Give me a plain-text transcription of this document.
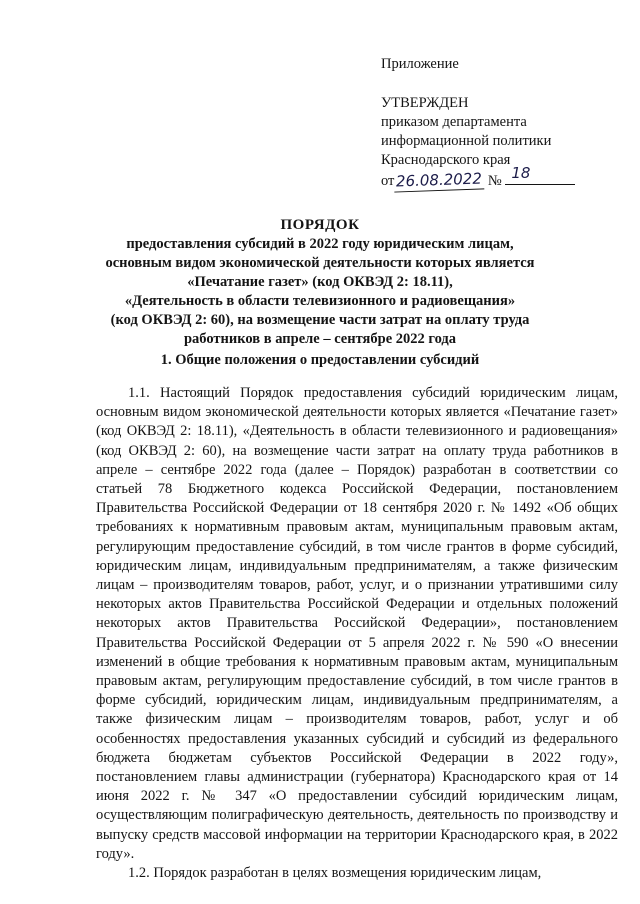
Приложение
УТВЕРЖДЕН
приказом департамента
информационной политики
Краснодарского края
от 26.08.2022 № 18
ПОРЯДОК
предоставления субсидий в 2022 году юридическим лицам,
основным видом экономической деятельности которых является
«Печатание газет» (код ОКВЭД 2: 18.11),
«Деятельность в области телевизионного и радиовещания»
(код ОКВЭД 2: 60), на возмещение части затрат на оплату труда
работников в апреле – сентябре 2022 года
1. Общие положения о предоставлении субсидий

1.1. Настоящий Порядок предоставления субсидий юридическим лицам, основным видом экономической деятельности которых является «Печатание газет» (код ОКВЭД 2: 18.11), «Деятельность в области телевизионного и радиовещания» (код ОКВЭД 2: 60), на возмещение части затрат на оплату труда работников в апреле – сентябре 2022 года (далее – Порядок) разработан в соответствии со статьей 78 Бюджетного кодекса Российской Федерации, постановлением Правительства Российской Федерации от 18 сентября 2020 г. № 1492 «Об общих требованиях к нормативным правовым актам, муниципальным правовым актам, регулирующим предоставление субсидий, в том числе грантов в форме субсидий, юридическим лицам, индивидуальным предпринимателям, а также физическим лицам – производителям товаров, работ, услуг, и о признании утратившими силу некоторых актов Правительства Российской Федерации и отдельных положений некоторых актов Правительства Российской Федерации», постановлением Правительства Российской Федерации от 5 апреля 2022 г. № 590 «О внесении изменений в общие требования к нормативным правовым актам, муниципальным правовым актам, регулирующим предоставление субсидий, в том числе грантов в форме субсидий, юридическим лицам, индивидуальным предпринимателям, а также физическим лицам – производителям товаров, работ, услуг и об особенностях предоставления указанных субсидий и субсидий из федерального бюджета бюджетам субъектов Российской Федерации в 2022 году», постановлением главы администрации (губернатора) Краснодарского края от 14 июня 2022 г. № 347 «О предоставлении субсидий юридическим лицам, осуществляющим полиграфическую деятельность, деятельность по производству и выпуску средств массовой информации на территории Краснодарского края, в 2022 году».

1.2. Порядок разработан в целях возмещения юридическим лицам,
